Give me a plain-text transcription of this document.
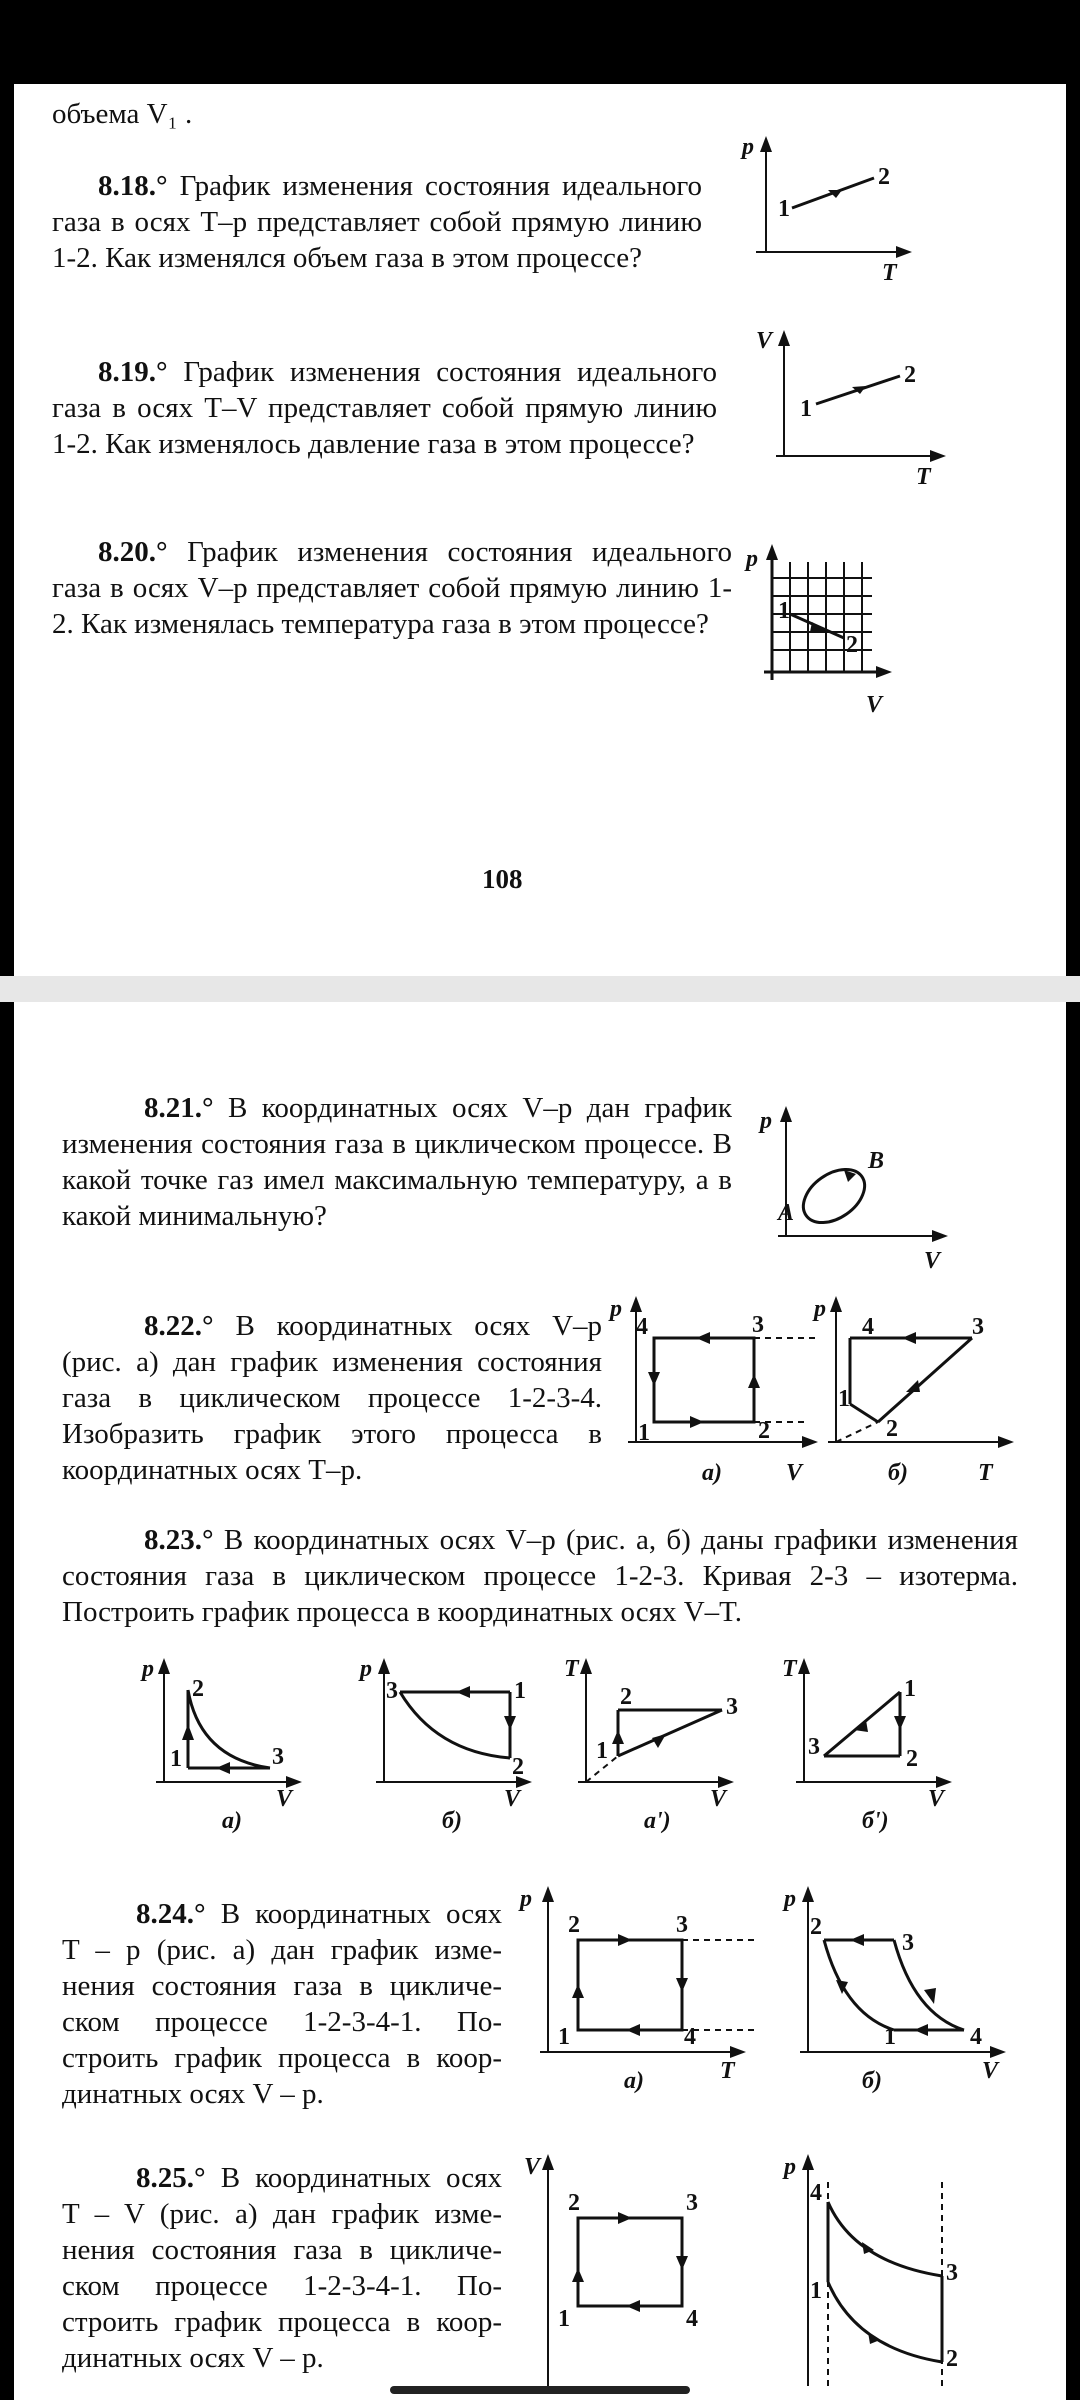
объема V₁ .
8.18.° График изменения состояния идеального газа в осях T–p представляет собой прямую линию 1-2. Как изменялся объем газа в этом процессе?
p
T
1
2
8.19.° График изменения состояния идеального газа в осях T–V представляет собой прямую линию 1-2. Как изменялось давление газа в этом процессе?
V
T
1
2
8.20.° График изменения состояния идеального газа в осях V–p представляет собой прямую линию 1-2. Как изменялась температура газа в этом процессе?
p
V
1
2
108
8.21.° В координатных осях V–p дан график изменения состояния газа в циклическом процессе. В какой точке газ имел максимальную температуру, а в какой минимальную?
p
V
A
B
8.22.° В координатных осях V–p (рис. а) дан график изменения состояния газа в циклическом процессе 1-2-3-4. Изобразить график этого процесса в координатных осях T–p.
p
V
4	3
1	2
а)
p
T
4	3
1
2
б)
8.23.° В координатных осях V–p (рис. а, б) даны графики изменения состояния газа в циклическом процессе 1-2-3. Кривая 2-3 – изотерма. Построить график процесса в координатных осях V–T.
p
V
2
1	3
а)
p
V
3	1
2
б)
T
V
2	3
1
а')
T
V
1
3	2
б')
8.24.° В координатных осях T – p (рис. а) дан график изменения состояния газа в циклическом процессе 1-2-3-4-1. Построить график процесса в координатных осях V – p.
p
T
2	3
1	4
а)
p
V
2
3
1	4
б)
8.25.° В координатных осях T – V (рис. а) дан график изменения состояния газа в циклическом процессе 1-2-3-4-1. Построить график процесса в координатных осях V – p.
V
2	3
1	4
p
4
3
1
2
